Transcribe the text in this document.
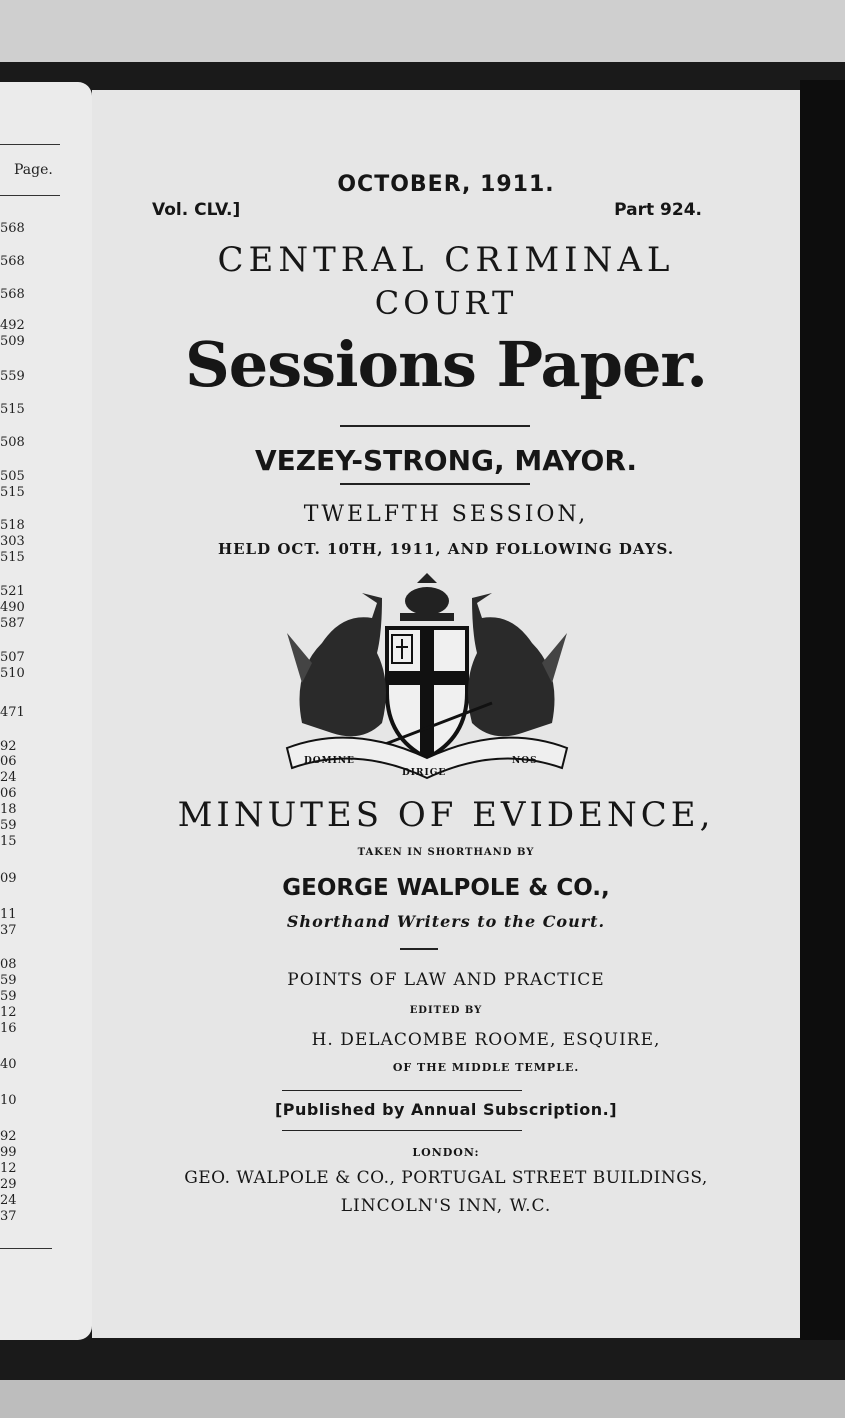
Page.
568
568
568
492
509
559
515
508
505
515
518
303
515
521
490
587
507
510
471
92
06
24
06
18
59
15
09
11
37
08
59
59
12
16
40
10
92
99
12
29
24
37
OCTOBER, 1911.
Vol. CLV.]	Part 924.
CENTRAL CRIMINAL
COURT
Sessions Paper.
VEZEY-STRONG, MAYOR.
TWELFTH SESSION,
HELD OCT. 10TH, 1911, AND FOLLOWING DAYS.
DOMINE
DIRIGE
NOS
MINUTES OF EVIDENCE,
TAKEN IN SHORTHAND BY
GEORGE WALPOLE & CO.,
Shorthand Writers to the Court.
POINTS OF LAW AND PRACTICE
EDITED BY
H. DELACOMBE ROOME, ESQUIRE,
OF THE MIDDLE TEMPLE.
[Published by Annual Subscription.]
LONDON:
GEO. WALPOLE & CO., PORTUGAL STREET BUILDINGS,
LINCOLN'S INN, W.C.
